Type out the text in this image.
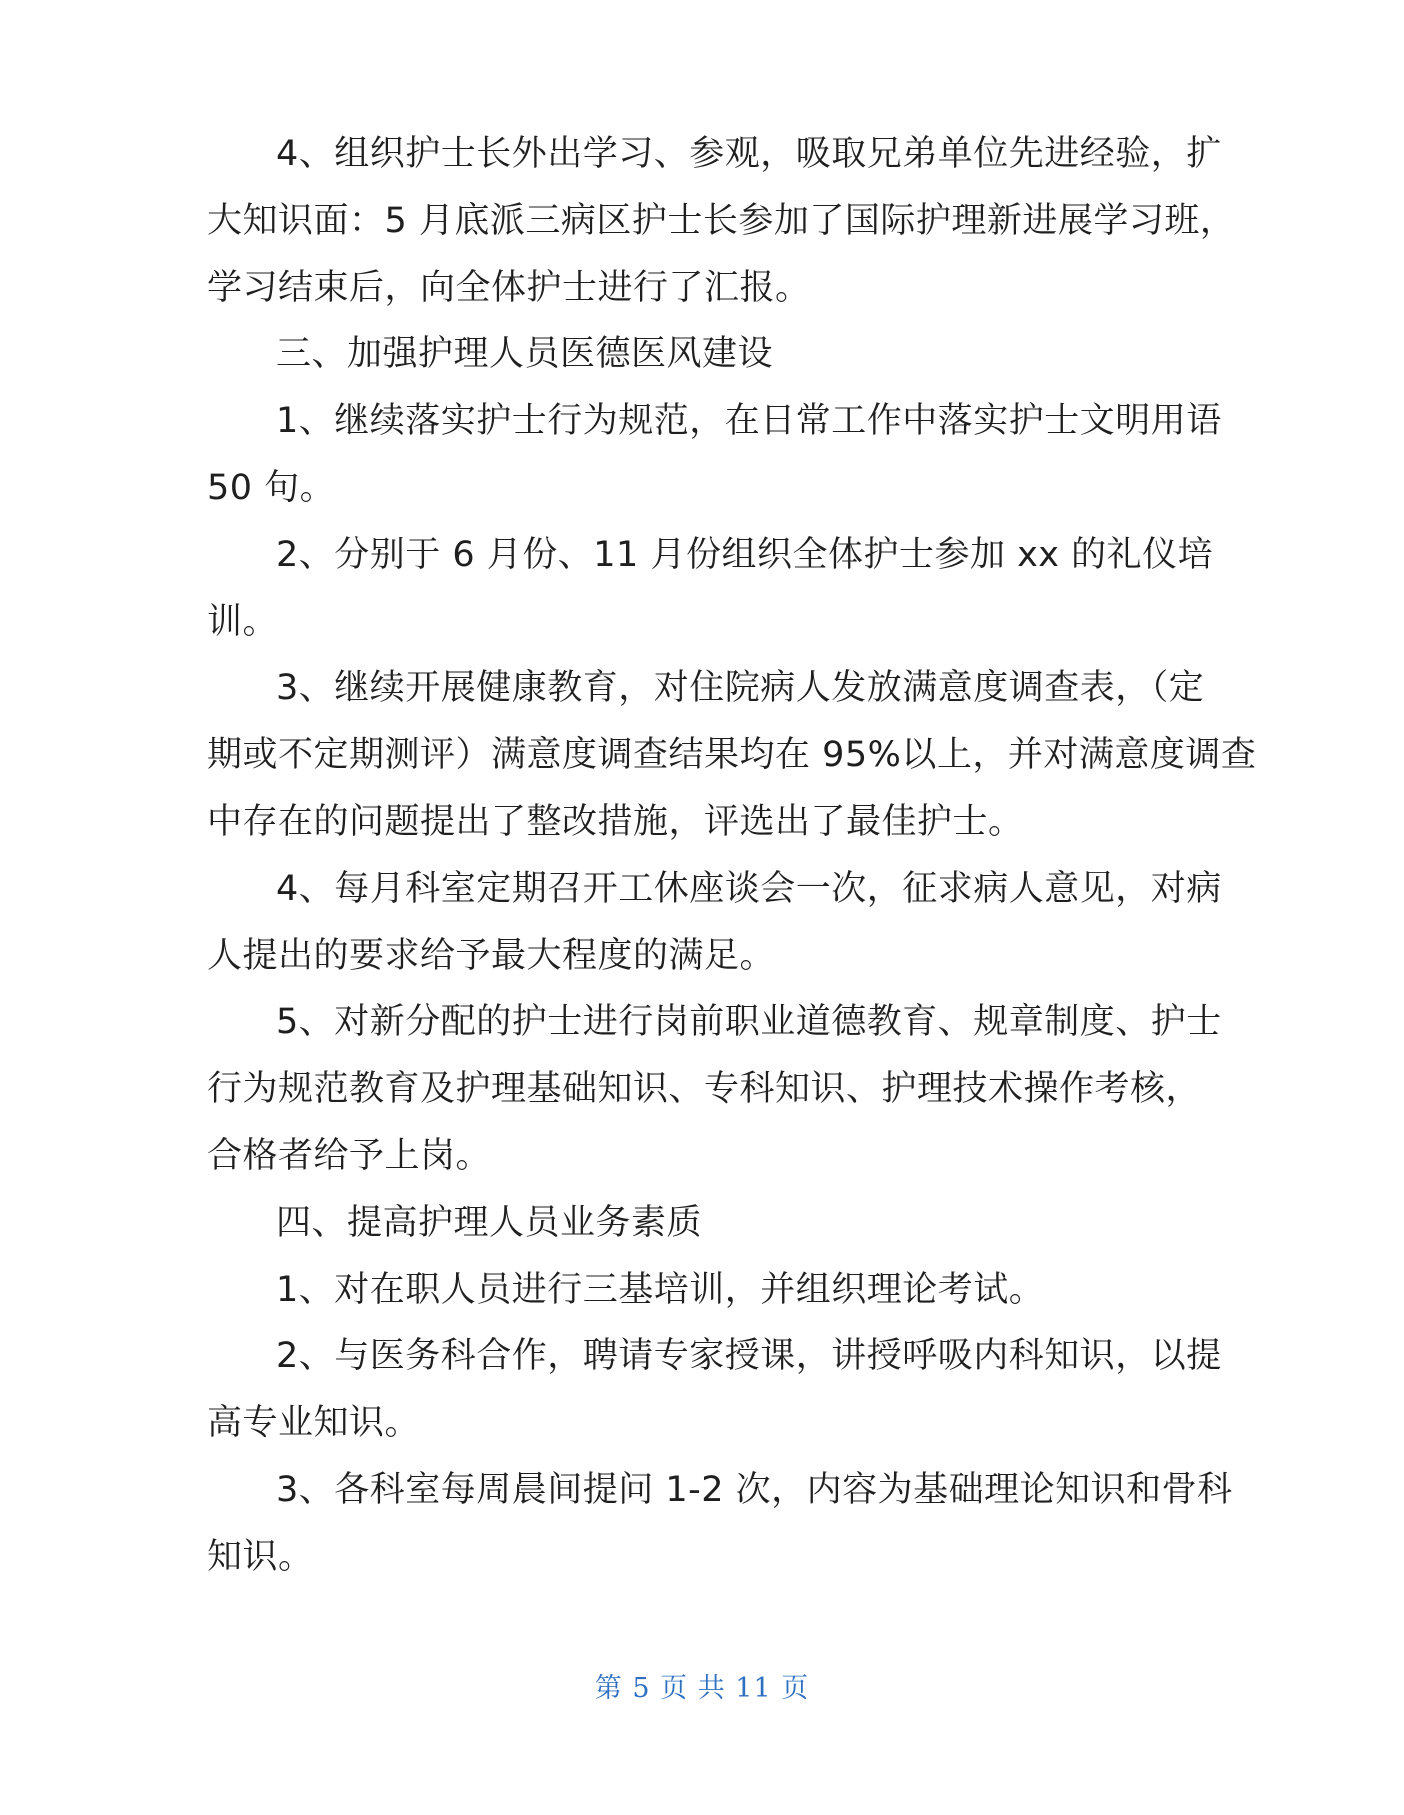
4、组织护士长外出学习、参观，吸取兄弟单位先进经验，扩
大知识面：5 月底派三病区护士长参加了国际护理新进展学习班，
学习结束后，向全体护士进行了汇报。

三、加强护理人员医德医风建设

1、继续落实护士行为规范，在日常工作中落实护士文明用语
50 句。

2、分别于 6 月份、11 月份组织全体护士参加 xx 的礼仪培
训。

3、继续开展健康教育，对住院病人发放满意度调查表，（定
期或不定期测评）满意度调查结果均在 95%以上，并对满意度调查
中存在的问题提出了整改措施，评选出了最佳护士。

4、每月科室定期召开工休座谈会一次，征求病人意见，对病
人提出的要求给予最大程度的满足。

5、对新分配的护士进行岗前职业道德教育、规章制度、护士
行为规范教育及护理基础知识、专科知识、护理技术操作考核，
合格者给予上岗。

四、提高护理人员业务素质

1、对在职人员进行三基培训，并组织理论考试。

2、与医务科合作，聘请专家授课，讲授呼吸内科知识，以提
高专业知识。

3、各科室每周晨间提问 1-2 次，内容为基础理论知识和骨科
知识。

第 5 页 共 11 页
